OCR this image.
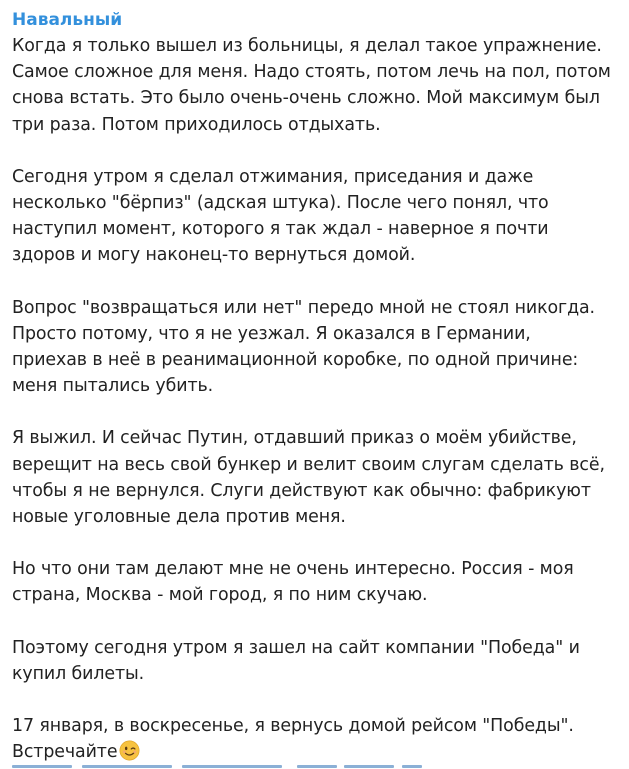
Навальный

Когда я только вышел из больницы, я делал такое упражнение.
Самое сложное для меня. Надо стоять, потом лечь на пол, потом
снова встать. Это было очень-очень сложно. Мой максимум был
три раза. Потом приходилось отдыхать.

Сегодня утром я сделал отжимания, приседания и даже
несколько "бёрпиз" (адская штука). После чего понял, что
наступил момент, которого я так ждал - наверное я почти
здоров и могу наконец-то вернуться домой.

Вопрос "возвращаться или нет" передо мной не стоял никогда.
Просто потому, что я не уезжал. Я оказался в Германии,
приехав в неё в реанимационной коробке, по одной причине:
меня пытались убить.

Я выжил. И сейчас Путин, отдавший приказ о моём убийстве,
верещит на весь свой бункер и велит своим слугам сделать всё,
чтобы я не вернулся. Слуги действуют как обычно: фабрикуют
новые уголовные дела против меня.

Но что они там делают мне не очень интересно. Россия - моя
страна, Москва - мой город, я по ним скучаю.

Поэтому сегодня утром я зашел на сайт компании "Победа" и
купил билеты.

17 января, в воскресенье, я вернусь домой рейсом "Победы".
Встречайте
